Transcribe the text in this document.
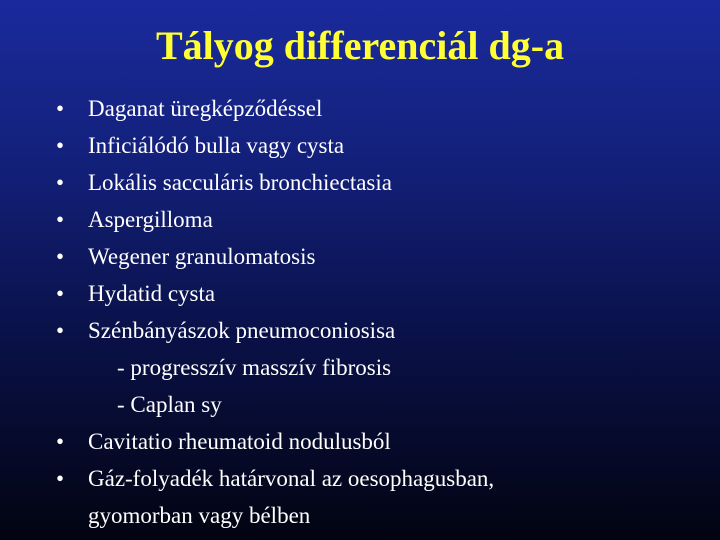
Tályog differenciál dg-a
• Daganat üregképződéssel
• Inficiálódó bulla vagy cysta
• Lokális sacculáris bronchiectasia
• Aspergilloma
• Wegener granulomatosis
• Hydatid cysta
• Szénbányászok pneumoconiosisa
- progresszív masszív fibrosis
- Caplan sy
• Cavitatio rheumatoid nodulusból
• Gáz-folyadék határvonal az oesophagusban,
gyomorban vagy bélben
